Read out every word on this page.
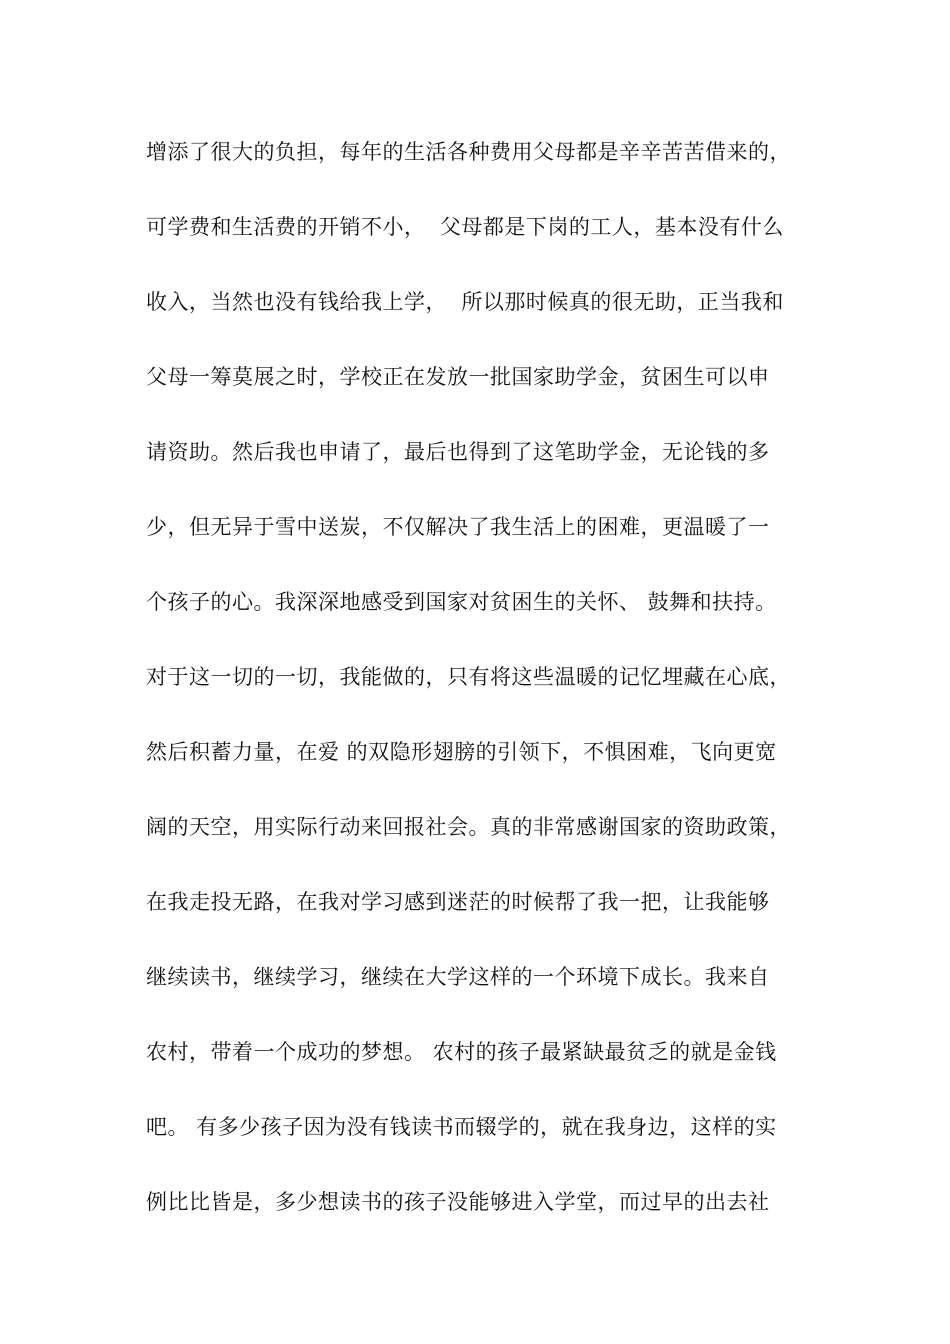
增添了很大的负担，每年的生活各种费用父母都是辛辛苦苦借来的，
可学费和生活费的开销不小，  父母都是下岗的工人，基本没有什么
收入，当然也没有钱给我上学，  所以那时候真的很无助，正当我和
父母一筹莫展之时，学校正在发放一批国家助学金，贫困生可以申
请资助。然后我也申请了，最后也得到了这笔助学金，无论钱的多
少，但无异于雪中送炭，不仅解决了我生活上的困难，更温暖了一
个孩子的心。我深深地感受到国家对贫困生的关怀、 鼓舞和扶持。
对于这一切的一切，我能做的，只有将这些温暖的记忆埋藏在心底，
然后积蓄力量，在爱 的双隐形翅膀的引领下，不惧困难，飞向更宽
阔的天空，用实际行动来回报社会。真的非常感谢国家的资助政策，
在我走投无路，在我对学习感到迷茫的时候帮了我一把，让我能够
继续读书，继续学习，继续在大学这样的一个环境下成长。我来自
农村，带着一个成功的梦想。 农村的孩子最紧缺最贫乏的就是金钱
吧。 有多少孩子因为没有钱读书而辍学的，就在我身边，这样的实
例比比皆是，多少想读书的孩子没能够进入学堂，而过早的出去社
